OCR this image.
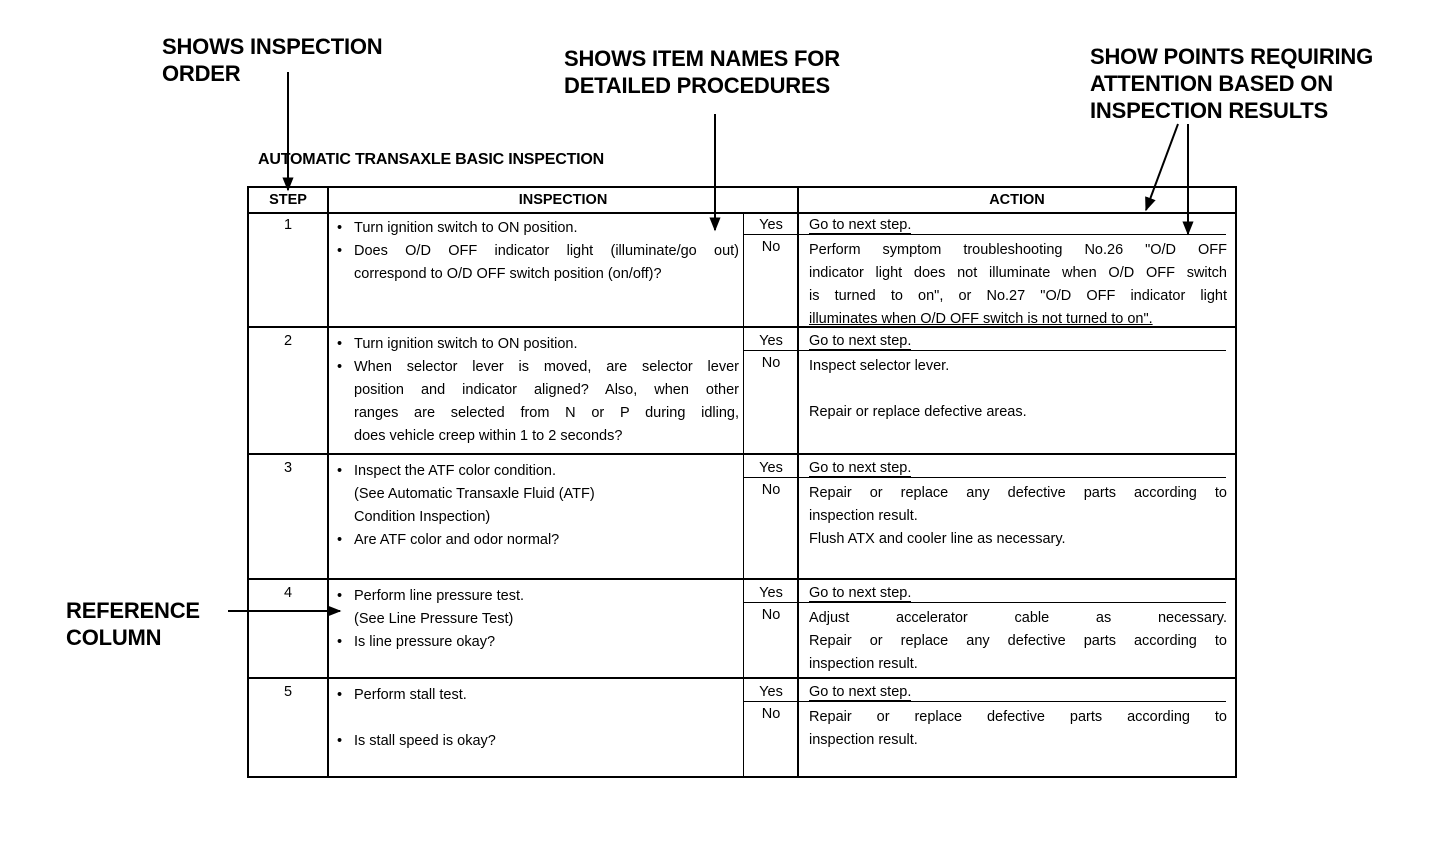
SHOWS INSPECTION
ORDER
SHOWS ITEM NAMES FOR
DETAILED PROCEDURES
SHOW POINTS REQUIRING
ATTENTION BASED ON
INSPECTION RESULTS
REFERENCE
COLUMN
AUTOMATIC TRANSAXLE BASIC INSPECTION
STEP	INSPECTION	ACTION
1	• Turn ignition switch to ON position.
• Does O/D OFF indicator light (illuminate/go out)
correspond to O/D OFF switch position (on/off)?
Yes	Go to next step.
No	Perform symptom troubleshooting No.26 "O/D OFF
indicator light does not illuminate when O/D OFF switch
is turned to on", or No.27 "O/D OFF indicator light
illuminates when O/D OFF switch is not turned to on".
2	• Turn ignition switch to ON position.
• When selector lever is moved, are selector lever
position and indicator aligned? Also, when other
ranges are selected from N or P during idling,
does vehicle creep within 1 to 2 seconds?
Yes	Go to next step.
No	Inspect selector lever.
Repair or replace defective areas.
3	• Inspect the ATF color condition.
(See Automatic Transaxle Fluid (ATF)
Condition Inspection)
• Are ATF color and odor normal?
Yes	Go to next step.
No	Repair or replace any defective parts according to
inspection result.
Flush ATX and cooler line as necessary.
4	• Perform line pressure test.
(See Line Pressure Test)
• Is line pressure okay?
Yes	Go to next step.
No	Adjust accelerator cable as necessary.
Repair or replace any defective parts according to
inspection result.
5	• Perform stall test.
• Is stall speed is okay?
Yes	Go to next step.
No	Repair or replace defective parts according to
inspection result.
